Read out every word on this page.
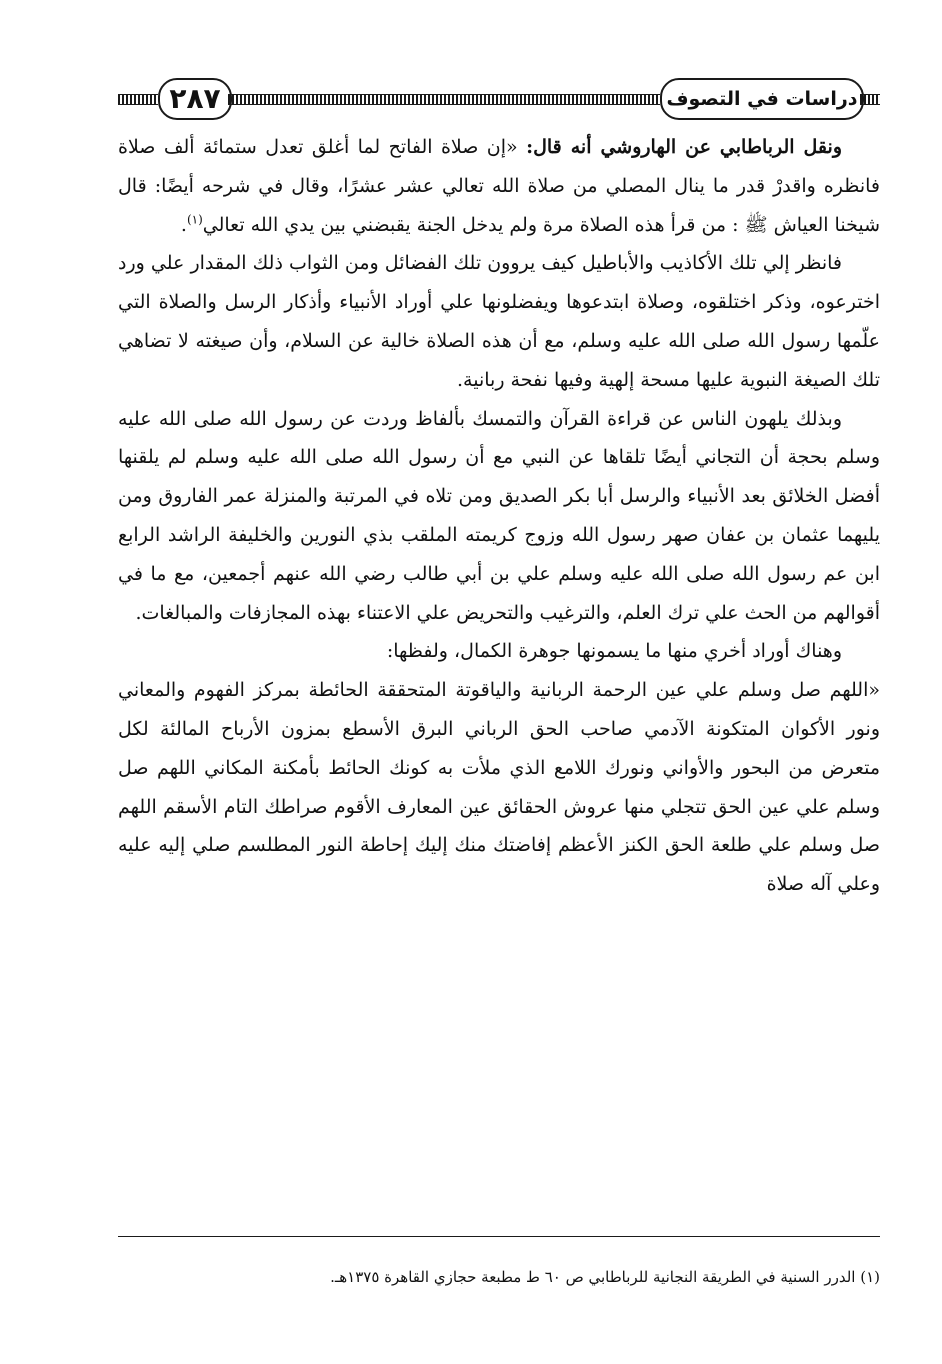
٢٨٧	دراسات في التصوف

ونقل الرباطابي عن الهاروشي أنه قال: «إن صلاة الفاتح لما أغلق تعدل ستمائة ألف صلاة فانظره واقدرْ قدر ما ينال المصلي من صلاة الله تعالي عشر عشرًا، وقال في شرحه أيضًا: قال شيخنا العياش ﷺ : من قرأ هذه الصلاة مرة ولم يدخل الجنة يقبضني بين يدي الله تعالي$^{(١)}$.

فانظر إلي تلك الأكاذيب والأباطيل كيف يروون تلك الفضائل ومن الثواب ذلك المقدار علي ورد اخترعوه، وذكر اختلقوه، وصلاة ابتدعوها ويفضلونها علي أوراد الأنبياء وأذكار الرسل والصلاة التي علّمها رسول الله صلى الله عليه وسلم، مع أن هذه الصلاة خالية عن السلام، وأن صيغته لا تضاهي تلك الصيغة النبوية عليها مسحة إلهية وفيها نفحة ربانية.

وبذلك يلهون الناس عن قراءة القرآن والتمسك بألفاظ وردت عن رسول الله صلى الله عليه وسلم بحجة أن التجاني أيضًا تلقاها عن النبي مع أن رسول الله صلى الله عليه وسلم لم يلقنها أفضل الخلائق بعد الأنبياء والرسل أبا بكر الصديق ومن تلاه في المرتبة والمنزلة عمر الفاروق ومن يليهما عثمان بن عفان صهر رسول الله وزوج كريمته الملقب بذي النورين والخليفة الراشد الرابع ابن عم رسول الله صلى الله عليه وسلم علي بن أبي طالب رضي الله عنهم أجمعين، مع ما في أقوالهم من الحث علي ترك العلم، والترغيب والتحريض علي الاعتناء بهذه المجازفات والمبالغات.

وهناك أوراد أخري منها ما يسمونها جوهرة الكمال، ولفظها:

«اللهم صل وسلم علي عين الرحمة الربانية والياقوتة المتحققة الحائطة بمركز الفهوم والمعاني ونور الأكوان المتكونة الآدمي صاحب الحق الرباني البرق الأسطع بمزون الأرباح المالئة لكل متعرض من البحور والأواني ونورك اللامع الذي ملأت به كونك الحائط بأمكنة المكاني اللهم صل وسلم علي عين الحق تتجلي منها عروش الحقائق عين المعارف الأقوم صراطك التام الأسقم اللهم صل وسلم علي طلعة الحق الكنز الأعظم إفاضتك منك إليك إحاطة النور المطلسم صلي إليه عليه وعلي آله صلاة

(١) الدرر السنية في الطريقة النجانية للرباطابي ص ٦٠ ط مطبعة حجازي القاهرة ١٣٧٥هـ.
